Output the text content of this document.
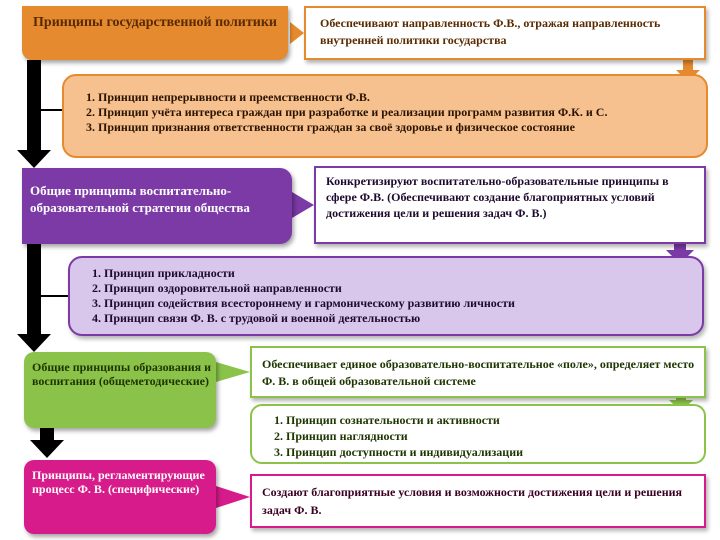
Принципы государственной политики	Обеспечивают направленность Ф.В., отражая направленность внутренней политики государства
1. Принцип непрерывности и преемственности Ф.В.
2. Принцип учёта интереса граждан при разработке и реализации программ развития Ф.К. и С.
3. Принцип признания ответственности граждан за своё здоровье и физическое состояние
Общие принципы воспитательно-образовательной стратегии общества
Конкретизируют воспитательно-образовательные принципы в сфере Ф.В. (Обеспечивают создание благоприятных условий достижения цели и решения задач Ф. В.)
1. Принцип прикладности
2. Принцип оздоровительной направленности
3. Принцип содействия всестороннему и гармоническому развитию личности
4. Принцип связи Ф. В. с трудовой и военной деятельностью
Общие принципы образования и воспитания (общеметодические)
Обеспечивает единое образовательно-воспитательное «поле», определяет место Ф. В. в общей образовательной системе
1. Принцип сознательности и активности
2. Принцип наглядности
3. Принцип доступности и индивидуализации
Принципы, регламентирующие процесс Ф. В. (специфические)	Создают благоприятные условия и возможности достижения цели и решения задач Ф. В.
